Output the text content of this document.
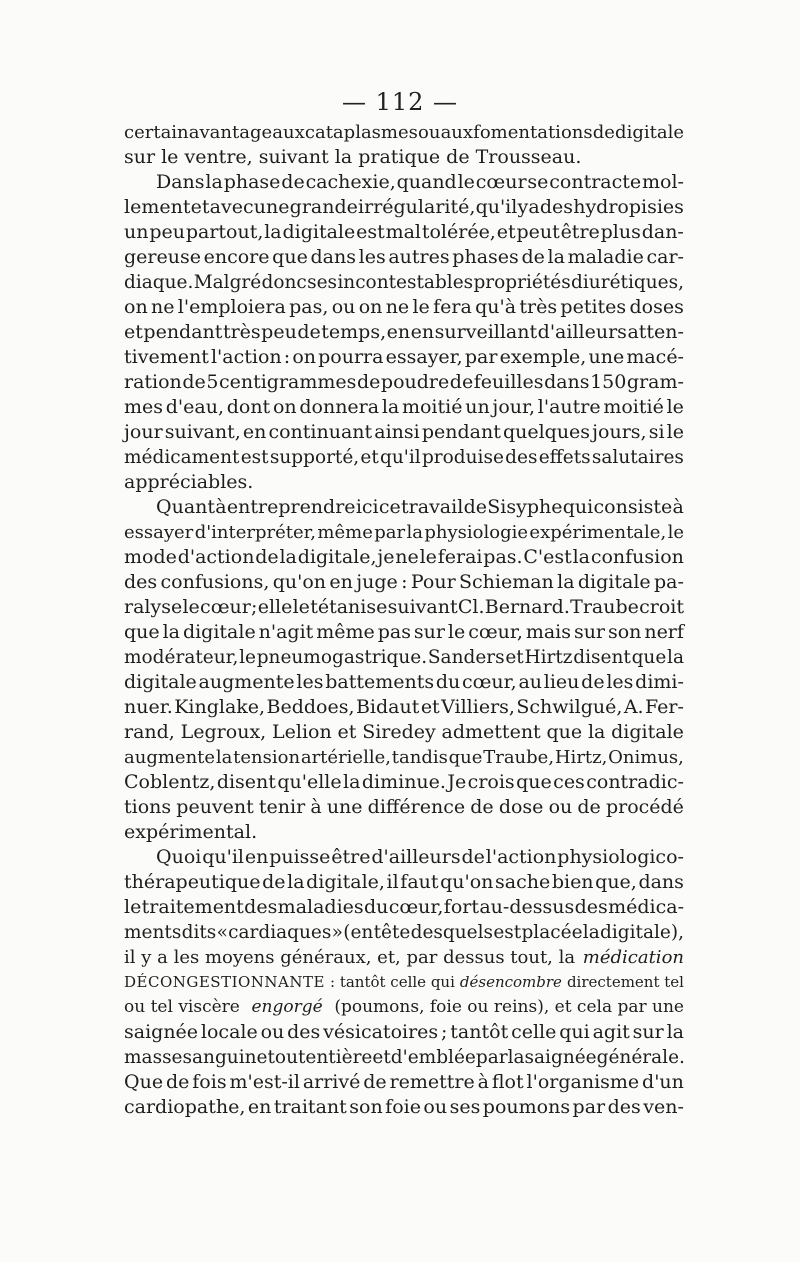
— 112 —
certain avantage aux cataplasmes ou aux fomentations de digitale
sur le ventre, suivant la pratique de Trousseau.
Dans la phase de cachexie, quand le cœur se contracte mol-
lement et avec une grande irrégularité, qu'il y a des hydropisies
un peu partout, la digitale est mal tolérée, et peut être plus dan-
gereuse encore que dans les autres phases de la maladie car-
diaque. Malgré donc ses incontestables propriétés diurétiques,
on ne l'emploiera pas, ou on ne le fera qu'à très petites doses
et pendant très peu de temps, en en surveillant d'ailleurs atten-
tivement l'action : on pourra essayer, par exemple, une macé-
ration de 5 centigrammes de poudre de feuilles dans 150 gram-
mes d'eau, dont on donnera la moitié un jour, l'autre moitié le
jour suivant, en continuant ainsi pendant quelques jours, si le
médicament est supporté, et qu'il produise des effets salutaires
appréciables.
Quant à entreprendre ici ce travail de Sisyphe qui consiste à
essayer d'interpréter, même par la physiologie expérimentale, le
mode d'action de la digitale, je ne le ferai pas. C'est la confusion
des confusions, qu'on en juge : Pour Schieman la digitale pa-
ralyse le cœur ; elle le tétanise suivant Cl. Bernard. Traube croit
que la digitale n'agit même pas sur le cœur, mais sur son nerf
modérateur, le pneumogastrique. Sanders et Hirtz disent que la
digitale augmente les battements du cœur, au lieu de les dimi-
nuer. Kinglake, Beddoes, Bidaut et Villiers, Schwilgué, A. Fer-
rand, Legroux, Lelion et Siredey admettent que la digitale
augmente la tension artérielle, tandis que Traube, Hirtz, Onimus,
Coblentz, disent qu'elle la diminue. Je crois que ces contradic-
tions peuvent tenir à une différence de dose ou de procédé
expérimental.
Quoi qu'il en puisse être d'ailleurs de l'action physiologico-
thérapeutique de la digitale, il faut qu'on sache bien que, dans
le traitement des maladies du cœur, fort au-dessus des médica-
ments dits « cardiaques » (en tête desquels est placée la digitale),
il y a les moyens généraux, et, par dessus tout, la médication
DÉCONGESTIONNANTE : tantôt celle qui désencombre directement tel
ou tel viscère engorgé (poumons, foie ou reins), et cela par une
saignée locale ou des vésicatoires ; tantôt celle qui agit sur la
masse sanguine tout entière et d'emblée par la saignée générale.
Que de fois m'est-il arrivé de remettre à flot l'organisme d'un
cardiopathe, en traitant son foie ou ses poumons par des ven-
